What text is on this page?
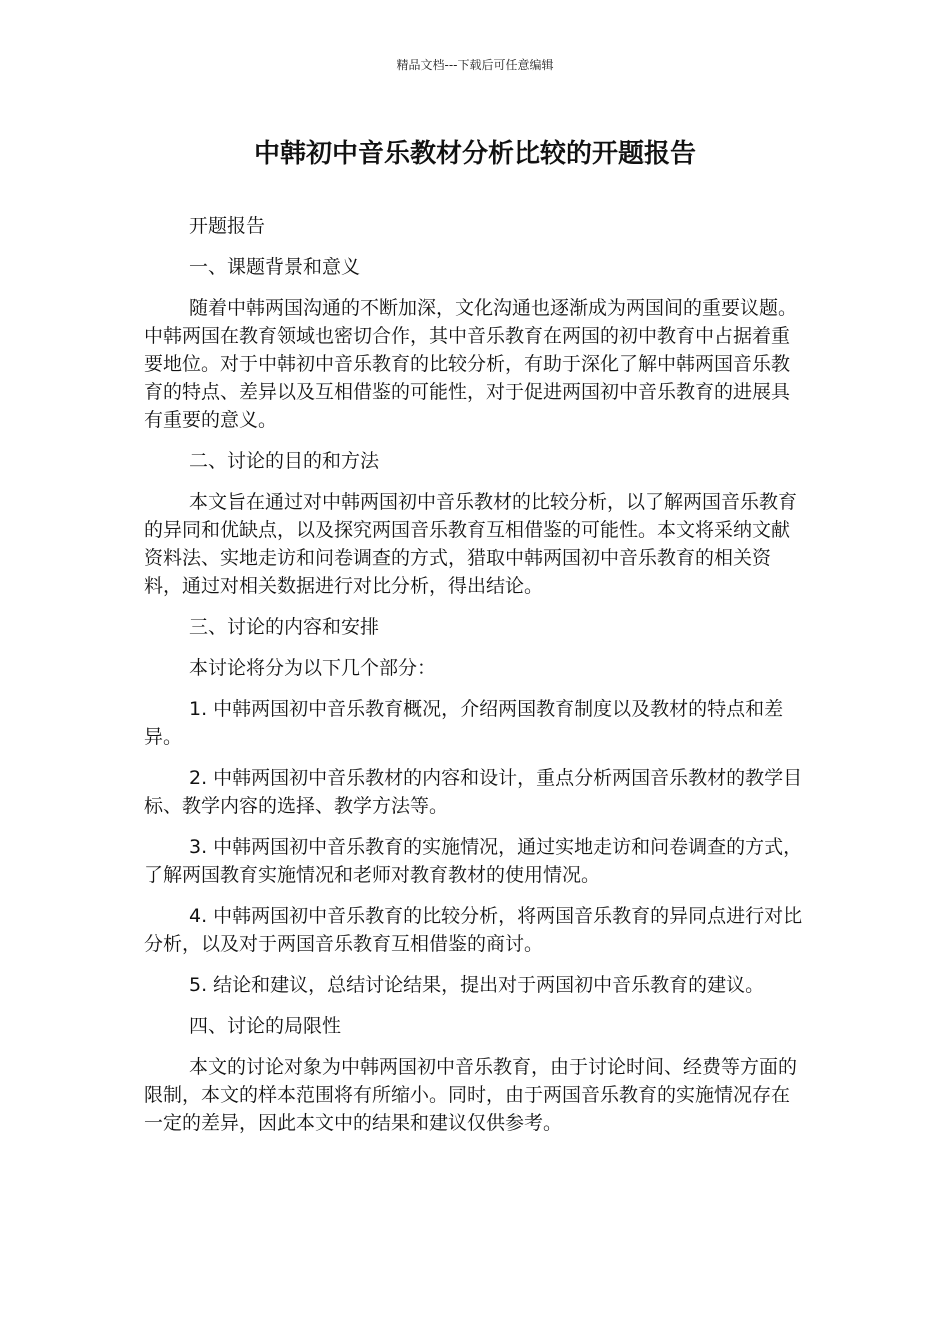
精品文档---下载后可任意编辑
中韩初中音乐教材分析比较的开题报告

开题报告

一、课题背景和意义

随着中韩两国沟通的不断加深，文化沟通也逐渐成为两国间的重要议题。中韩两国在教育领域也密切合作，其中音乐教育在两国的初中教育中占据着重要地位。对于中韩初中音乐教育的比较分析，有助于深化了解中韩两国音乐教育的特点、差异以及互相借鉴的可能性，对于促进两国初中音乐教育的进展具有重要的意义。

二、讨论的目的和方法

本文旨在通过对中韩两国初中音乐教材的比较分析，以了解两国音乐教育的异同和优缺点，以及探究两国音乐教育互相借鉴的可能性。本文将采纳文献资料法、实地走访和问卷调查的方式，猎取中韩两国初中音乐教育的相关资料，通过对相关数据进行对比分析，得出结论。

三、讨论的内容和安排

本讨论将分为以下几个部分：

1. 中韩两国初中音乐教育概况，介绍两国教育制度以及教材的特点和差异。

2. 中韩两国初中音乐教材的内容和设计，重点分析两国音乐教材的教学目标、教学内容的选择、教学方法等。

3. 中韩两国初中音乐教育的实施情况，通过实地走访和问卷调查的方式，了解两国教育实施情况和老师对教育教材的使用情况。

4. 中韩两国初中音乐教育的比较分析，将两国音乐教育的异同点进行对比分析，以及对于两国音乐教育互相借鉴的商讨。

5. 结论和建议，总结讨论结果，提出对于两国初中音乐教育的建议。

四、讨论的局限性

本文的讨论对象为中韩两国初中音乐教育，由于讨论时间、经费等方面的限制，本文的样本范围将有所缩小。同时，由于两国音乐教育的实施情况存在一定的差异，因此本文中的结果和建议仅供参考。
